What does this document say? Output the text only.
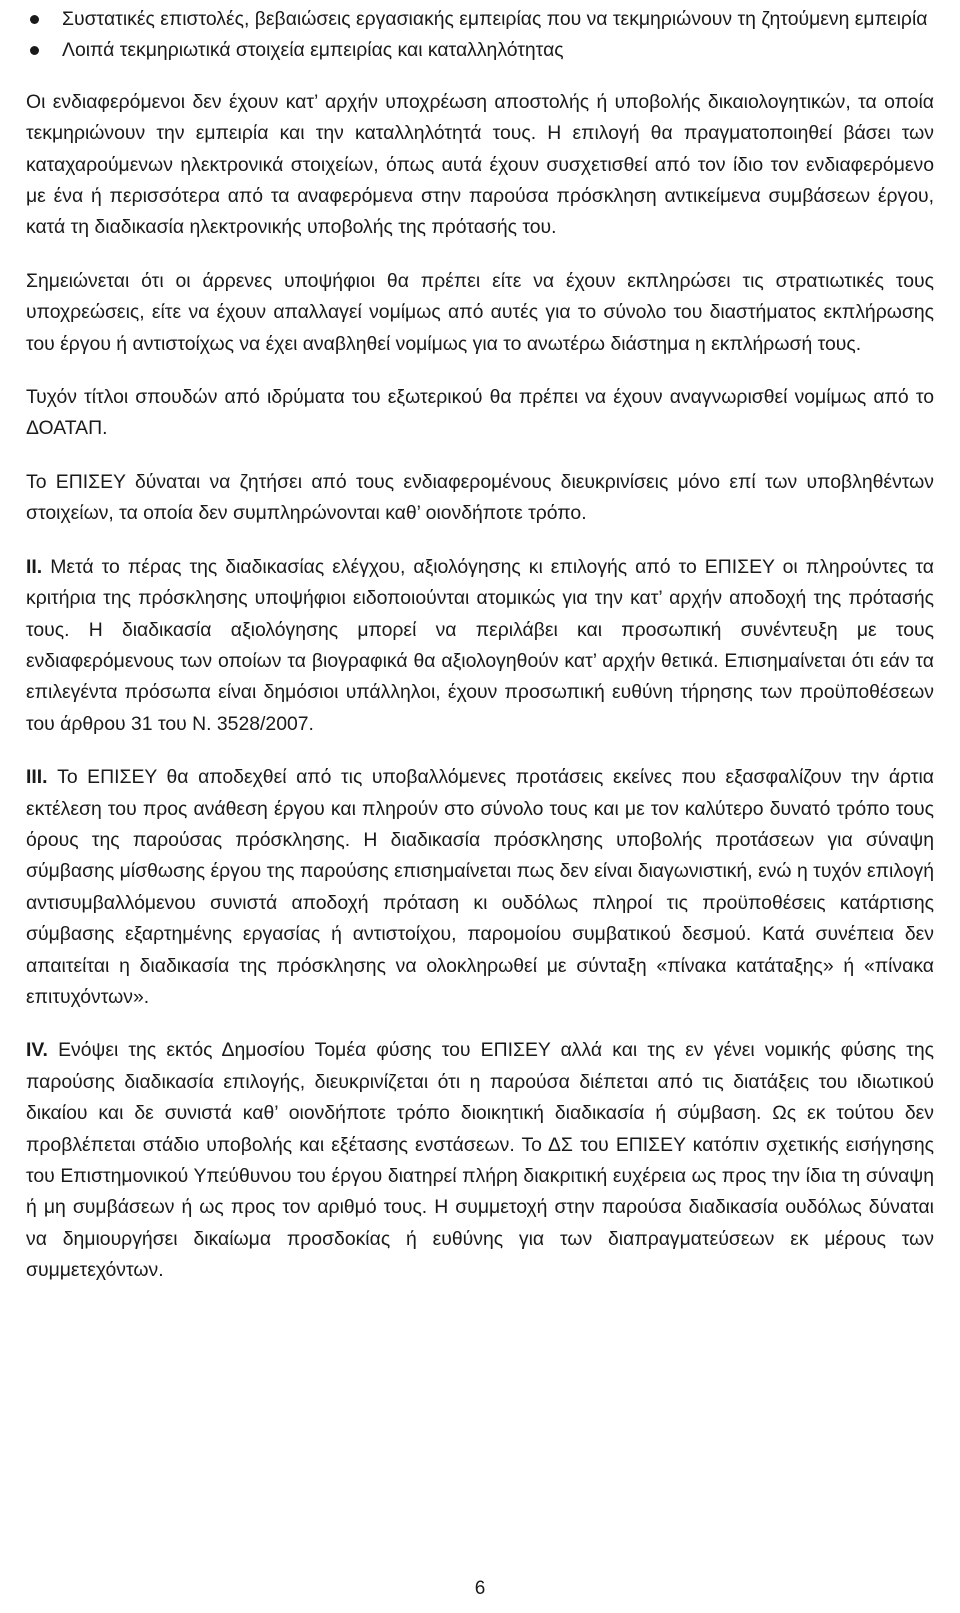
Συστατικές επιστολές, βεβαιώσεις εργασιακής εμπειρίας που να τεκμηριώνουν τη ζητούμενη εμπειρία
Λοιπά τεκμηριωτικά στοιχεία εμπειρίας και καταλληλότητας

Οι ενδιαφερόμενοι δεν έχουν κατ’ αρχήν υποχρέωση αποστολής ή υποβολής δικαιολογητικών, τα οποία τεκμηριώνουν την εμπειρία και την καταλληλότητά τους. Η επιλογή θα πραγματοποιηθεί βάσει των καταχαρούμενων ηλεκτρονικά στοιχείων, όπως αυτά έχουν συσχετισθεί από τον ίδιο τον ενδιαφερόμενο με ένα ή περισσότερα από τα αναφερόμενα στην παρούσα πρόσκληση αντικείμενα συμβάσεων έργου, κατά τη διαδικασία ηλεκτρονικής υποβολής της πρότασής του.

Σημειώνεται ότι οι άρρενες υποψήφιοι θα πρέπει είτε να έχουν εκπληρώσει τις στρατιωτικές τους υποχρεώσεις, είτε να έχουν απαλλαγεί νομίμως από αυτές για το σύνολο του διαστήματος εκπλήρωσης του έργου ή αντιστοίχως να έχει αναβληθεί νομίμως για το ανωτέρω διάστημα η εκπλήρωσή τους.

Τυχόν τίτλοι σπουδών από ιδρύματα του εξωτερικού θα πρέπει να έχουν αναγνωρισθεί νομίμως από το ΔΟΑΤΑΠ.

Το ΕΠΙΣΕΥ δύναται να ζητήσει από τους ενδιαφερομένους διευκρινίσεις μόνο επί των υποβληθέντων στοιχείων, τα οποία δεν συμπληρώνονται καθ’ οιονδήποτε τρόπο.

II. Μετά το πέρας της διαδικασίας ελέγχου, αξιολόγησης κι επιλογής από το ΕΠΙΣΕΥ οι πληρούντες τα κριτήρια της πρόσκλησης υποψήφιοι ειδοποιούνται ατομικώς για την κατ’ αρχήν αποδοχή της πρότασής τους. Η διαδικασία αξιολόγησης μπορεί να περιλάβει και προσωπική συνέντευξη με τους ενδιαφερόμενους των οποίων τα βιογραφικά θα αξιολογηθούν κατ’ αρχήν θετικά. Επισημαίνεται ότι εάν τα επιλεγέντα πρόσωπα είναι δημόσιοι υπάλληλοι, έχουν προσωπική ευθύνη τήρησης των προϋποθέσεων του άρθρου 31 του Ν. 3528/2007.

III. Το ΕΠΙΣΕΥ θα αποδεχθεί από τις υποβαλλόμενες προτάσεις εκείνες που εξασφαλίζουν την άρτια εκτέλεση του προς ανάθεση έργου και πληρούν στο σύνολο τους και με τον καλύτερο δυνατό τρόπο τους όρους της παρούσας πρόσκλησης. Η διαδικασία πρόσκλησης υποβολής προτάσεων για σύναψη σύμβασης μίσθωσης έργου της παρούσης επισημαίνεται πως δεν είναι διαγωνιστική, ενώ η τυχόν επιλογή αντισυμβαλλόμενου συνιστά αποδοχή πρόταση κι ουδόλως πληροί τις προϋποθέσεις κατάρτισης σύμβασης εξαρτημένης εργασίας ή αντιστοίχου, παρομοίου συμβατικού δεσμού. Κατά συνέπεια δεν απαιτείται η διαδικασία της πρόσκλησης να ολοκληρωθεί με σύνταξη «πίνακα κατάταξης» ή «πίνακα επιτυχόντων».

IV. Ενόψει της εκτός Δημοσίου Τομέα φύσης του ΕΠΙΣΕΥ αλλά και της εν γένει νομικής φύσης της παρούσης διαδικασία επιλογής, διευκρινίζεται ότι η παρούσα διέπεται από τις διατάξεις του ιδιωτικού δικαίου και δε συνιστά καθ’ οιονδήποτε τρόπο διοικητική διαδικασία ή σύμβαση. Ως εκ τούτου δεν προβλέπεται στάδιο υποβολής και εξέτασης ενστάσεων. Το ΔΣ του ΕΠΙΣΕΥ κατόπιν σχετικής εισήγησης του Επιστημονικού Υπεύθυνου του έργου διατηρεί πλήρη διακριτική ευχέρεια ως προς την ίδια τη σύναψη ή μη συμβάσεων ή ως προς τον αριθμό τους. Η συμμετοχή στην παρούσα διαδικασία ουδόλως δύναται να δημιουργήσει δικαίωμα προσδοκίας ή ευθύνης για των διαπραγματεύσεων εκ μέρους των συμμετεχόντων.

6
